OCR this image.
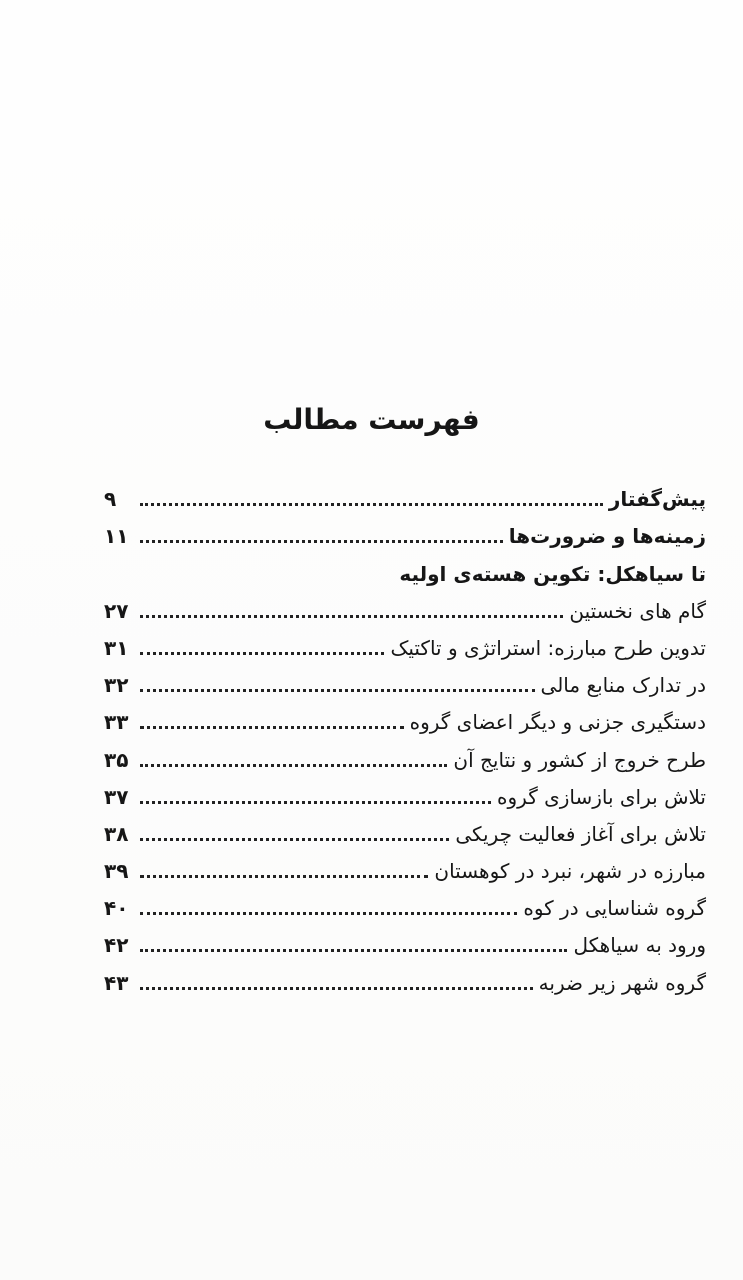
فهرست مطالب
پیش‌گفتار
۹
زمینه‌ها و ضرورت‌ها
۱۱
تا سیاهکل: تکوین هسته‌ی اولیه
گام های نخستین
۲۷
تدوین طرح مبارزه: استراتژی و تاکتیک
۳۱
در تدارک منابع مالی
۳۲
دستگیری جزنی و دیگر اعضای گروه
۳۳
طرح خروج از کشور و نتایج آن
۳۵
تلاش برای بازسازی گروه
۳۷
تلاش برای آغاز فعالیت چریکی
۳۸
مبارزه در شهر، نبرد در کوهستان
۳۹
گروه شناسایی در کوه
۴۰
ورود به سیاهکل
۴۲
گروه شهر زیر ضربه
۴۳
